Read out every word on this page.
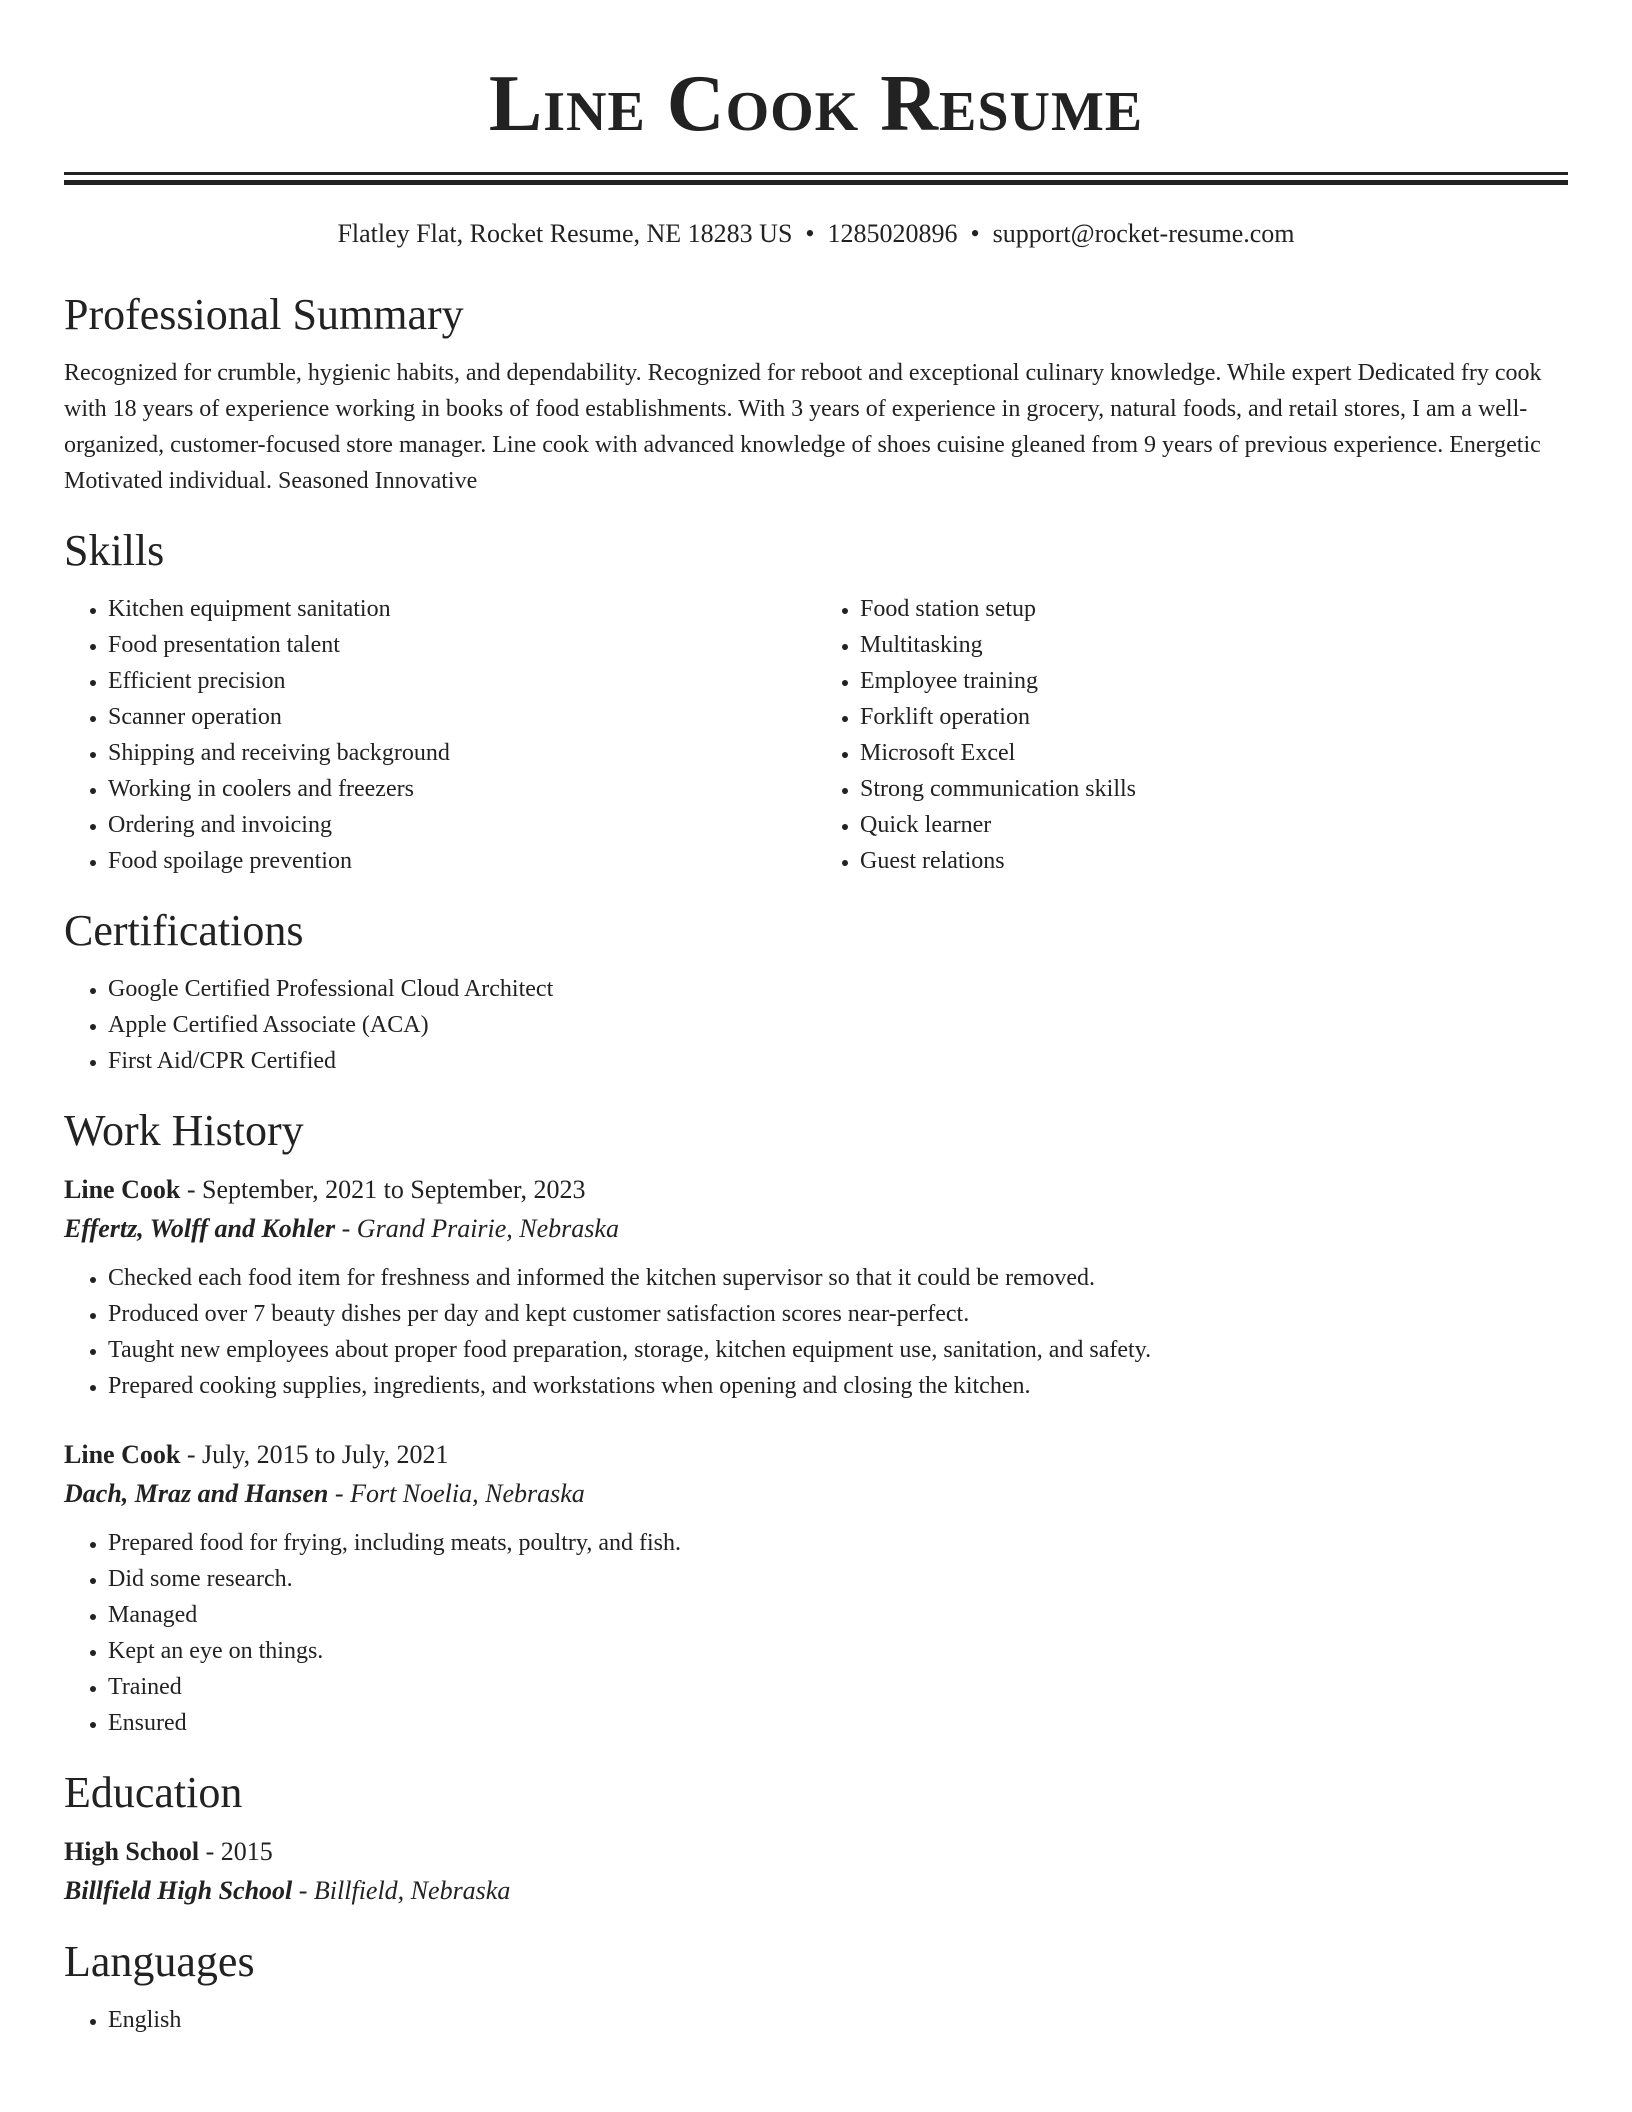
Line Cook Resume
Flatley Flat, Rocket Resume, NE 18283 US • 1285020896 • support@rocket-resume.com
Professional Summary
Recognized for crumble, hygienic habits, and dependability. Recognized for reboot and exceptional culinary knowledge. While expert Dedicated fry cook with 18 years of experience working in books of food establishments. With 3 years of experience in grocery, natural foods, and retail stores, I am a well-organized, customer-focused store manager. Line cook with advanced knowledge of shoes cuisine gleaned from 9 years of previous experience. Energetic Motivated individual. Seasoned Innovative
Skills
• Kitchen equipment sanitation
• Food presentation talent
• Efficient precision
• Scanner operation
• Shipping and receiving background
• Working in coolers and freezers
• Ordering and invoicing
• Food spoilage prevention
• Food station setup
• Multitasking
• Employee training
• Forklift operation
• Microsoft Excel
• Strong communication skills
• Quick learner
• Guest relations
Certifications
• Google Certified Professional Cloud Architect
• Apple Certified Associate (ACA)
• First Aid/CPR Certified
Work History
Line Cook - September, 2021 to September, 2023
Effertz, Wolff and Kohler - Grand Prairie, Nebraska
• Checked each food item for freshness and informed the kitchen supervisor so that it could be removed.
• Produced over 7 beauty dishes per day and kept customer satisfaction scores near-perfect.
• Taught new employees about proper food preparation, storage, kitchen equipment use, sanitation, and safety.
• Prepared cooking supplies, ingredients, and workstations when opening and closing the kitchen.
Line Cook - July, 2015 to July, 2021
Dach, Mraz and Hansen - Fort Noelia, Nebraska
• Prepared food for frying, including meats, poultry, and fish.
• Did some research.
• Managed
• Kept an eye on things.
• Trained
• Ensured
Education
High School - 2015
Billfield High School - Billfield, Nebraska
Languages
• English
